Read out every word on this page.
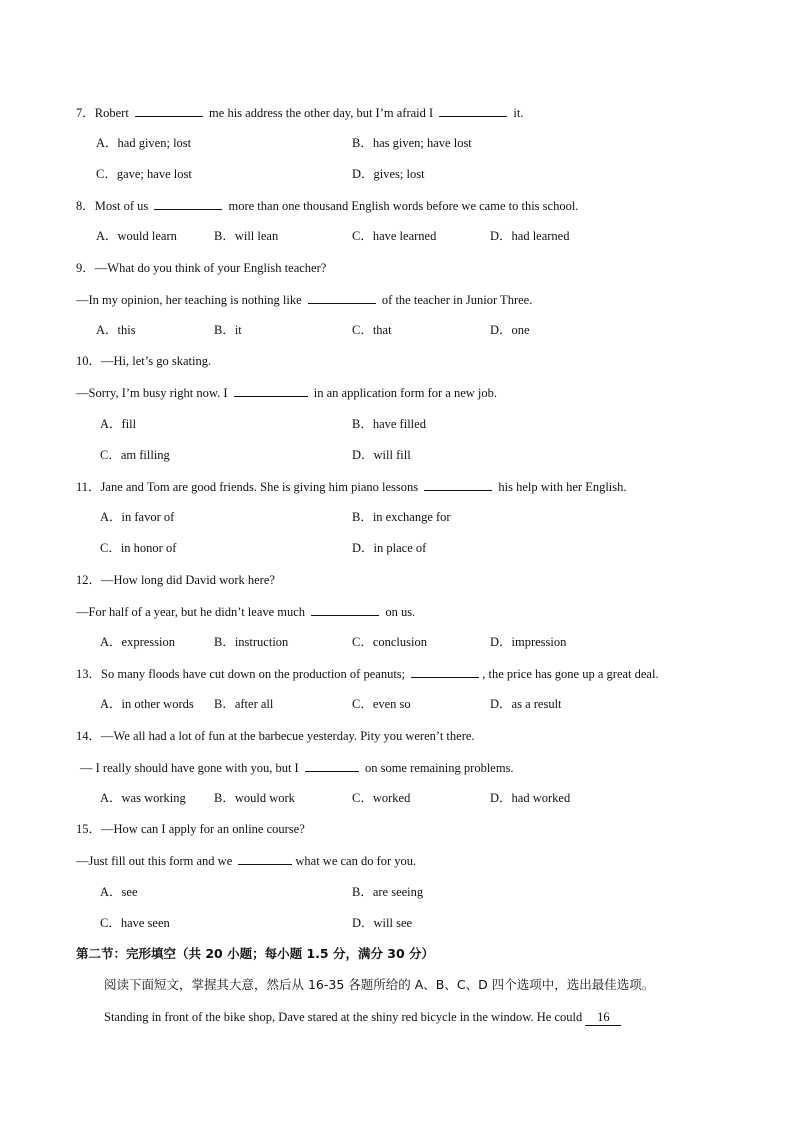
7．Robert	me his address the other day, but I’m afraid I	it.
A．had given; lost	B．has given; have lost
C．gave; have lost	D．gives; lost
8．Most of us	more than one thousand English words before we came to this school.
A．would learn	B．will lean	C．have learned	D．had learned
9．—What do you think of your English teacher?
—In my opinion, her teaching is nothing like	of the teacher in Junior Three.
A．this	B．it	C．that	D．one
10．—Hi, let’s go skating.
—Sorry, I’m busy right now. I	in an application form for a new job.
A．fill	B．have filled
C．am filling	D．will fill
11．Jane and Tom are good friends. She is giving him piano lessons	his help with her English.
A．in favor of	B．in exchange for
C．in honor of	D．in place of
12．—How long did David work here?
—For half of a year, but he didn’t leave much	on us.
A．expression	B．instruction	C．conclusion	D．impression
13．So many floods have cut down on the production of peanuts;	, the price has gone up a great deal.
A．in other words B．after all	C．even so	D．as a result
14．—We all had a lot of fun at the barbecue yesterday. Pity you weren’t there.
— I really should have gone with you, but I	on some remaining problems.
A．was working B．would work	C．worked	D．had worked
15．—How can I apply for an online course?
—Just fill out this form and we	what we can do for you.
A．see	B．are seeing
C．have seen	D．will see
第二节：完形填空（共 20 小题；每小题 1.5 分，满分 30 分）
阅读下面短文，掌握其大意，然后从 16-35 各题所给的 A、B、C、D 四个选项中，选出最佳选项。
Standing in front of the bike shop, Dave stared at the shiny red bicycle in the window. He could 16
